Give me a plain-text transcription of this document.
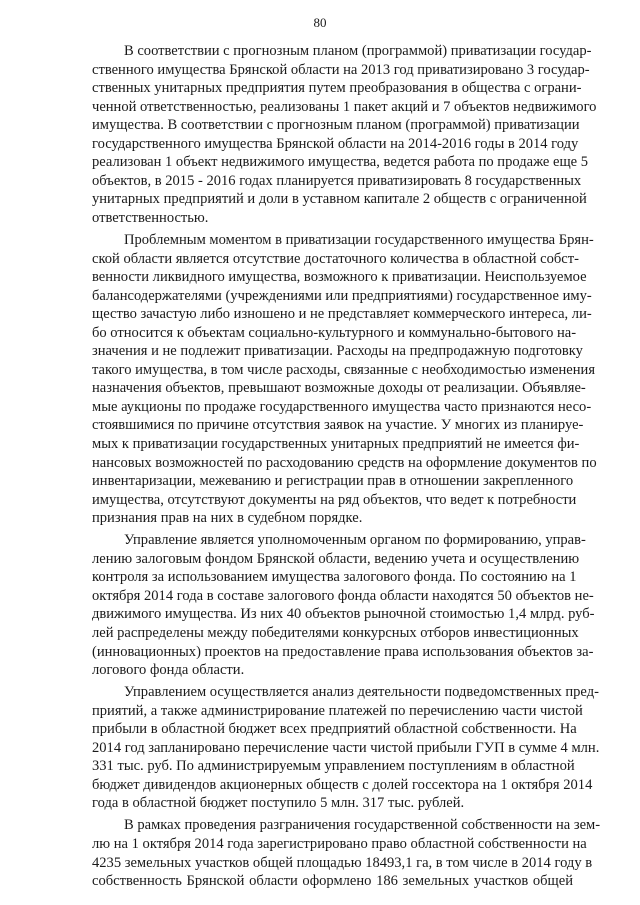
80
В соответствии с прогнозным планом (программой) приватизации государ-
ственного имущества Брянской области на 2013 год приватизировано 3 государ-
ственных унитарных предприятия путем преобразования в общества с ограни-
ченной ответственностью, реализованы 1 пакет акций и 7 объектов недвижимого
имущества. В соответствии с прогнозным планом (программой) приватизации
государственного имущества Брянской области на 2014-2016 годы в 2014 году
реализован 1 объект недвижимого имущества, ведется работа по продаже еще 5
объектов, в 2015 - 2016 годах планируется приватизировать 8 государственных
унитарных предприятий и доли в уставном капитале 2 обществ с ограниченной
ответственностью.
Проблемным моментом в приватизации государственного имущества Брян-
ской области является отсутствие достаточного количества в областной собст-
венности ликвидного имущества, возможного к приватизации. Неиспользуемое
балансодержателями (учреждениями или предприятиями) государственное иму-
щество зачастую либо изношено и не представляет коммерческого интереса, ли-
бо относится к объектам социально-культурного и коммунально-бытового на-
значения и не подлежит приватизации. Расходы на предпродажную подготовку
такого имущества, в том числе расходы, связанные с необходимостью изменения
назначения объектов, превышают возможные доходы от реализации. Объявляе-
мые аукционы по продаже государственного имущества часто признаются несо-
стоявшимися по причине отсутствия заявок на участие. У многих из планируе-
мых к приватизации государственных унитарных предприятий не имеется фи-
нансовых возможностей по расходованию средств на оформление документов по
инвентаризации, межеванию и регистрации прав в отношении закрепленного
имущества, отсутствуют документы на ряд объектов, что ведет к потребности
признания прав на них в судебном порядке.
Управление является уполномоченным органом по формированию, управ-
лению залоговым фондом Брянской области, ведению учета и осуществлению
контроля за использованием имущества залогового фонда. По состоянию на 1
октября 2014 года в составе залогового фонда области находятся 50 объектов не-
движимого имущества. Из них 40 объектов рыночной стоимостью 1,4 млрд. руб-
лей распределены между победителями конкурсных отборов инвестиционных
(инновационных) проектов на предоставление права использования объектов за-
логового фонда области.
Управлением осуществляется анализ деятельности подведомственных пред-
приятий, а также администрирование платежей по перечислению части чистой
прибыли в областной бюджет всех предприятий областной собственности. На
2014 год запланировано перечисление части чистой прибыли ГУП в сумме 4 млн.
331 тыс. руб. По администрируемым управлением поступлениям в областной
бюджет дивидендов акционерных обществ с долей госсектора на 1 октября 2014
года в областной бюджет поступило 5 млн. 317 тыс. рублей.
В рамках проведения разграничения государственной собственности на зем-
лю на 1 октября 2014 года зарегистрировано право областной собственности на
4235 земельных участков общей площадью 18493,1 га, в том числе в 2014 году в
собственность Брянской области оформлено 186 земельных участков общей
